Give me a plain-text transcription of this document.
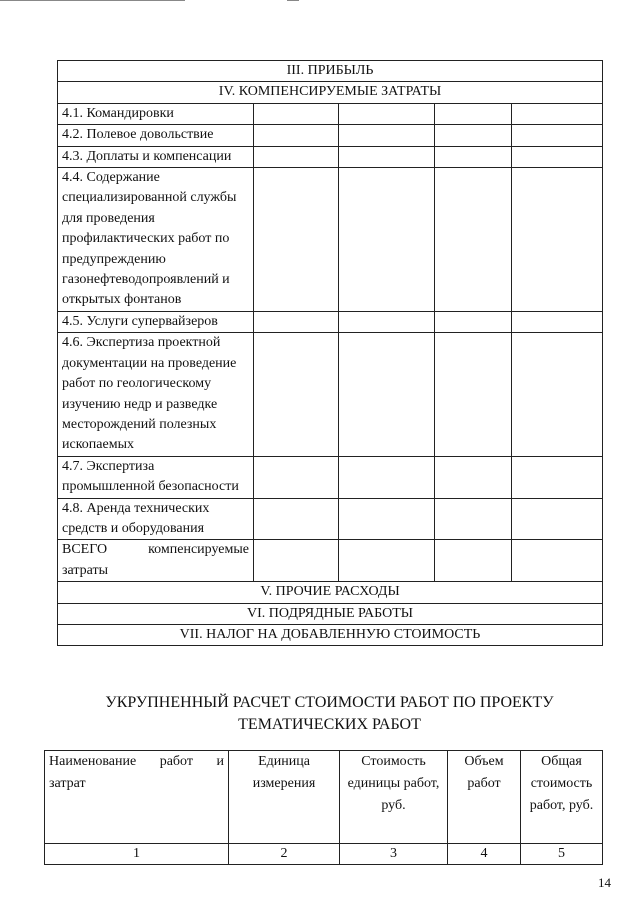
III. ПРИБЫЛЬ				
IV. КОМПЕНСИРУЕМЫЕ ЗАТРАТЫ				
4.1. Командировки				
4.2. Полевое довольствие				
4.3. Доплаты и компенсации				
4.4. Содержание специализированной службы для проведения профилактических работ по предупреждению газонефтеводопроявлений и открытых фонтанов				
4.5. Услуги супервайзеров				
4.6. Экспертиза проектной документации на проведение работ по геологическому изучению недр и разведке месторождений полезных ископаемых				
4.7. Экспертиза промышленной безопасности				
4.8. Аренда технических средств и оборудования				
ВСЕГО компенсируемые затраты				
V. ПРОЧИЕ РАСХОДЫ				
VI. ПОДРЯДНЫЕ РАБОТЫ				
VII. НАЛОГ НА ДОБАВЛЕННУЮ СТОИМОСТЬ				
УКРУПНЕННЫЙ РАСЧЕТ СТОИМОСТИ РАБОТ ПО ПРОЕКТУ ТЕМАТИЧЕСКИХ РАБОТ
Наименование работ и
затрат	Единица измерения	Стоимость единицы работ, руб.	Объем работ	Общая стоимость работ, руб.
1	2	3	4	5
14
